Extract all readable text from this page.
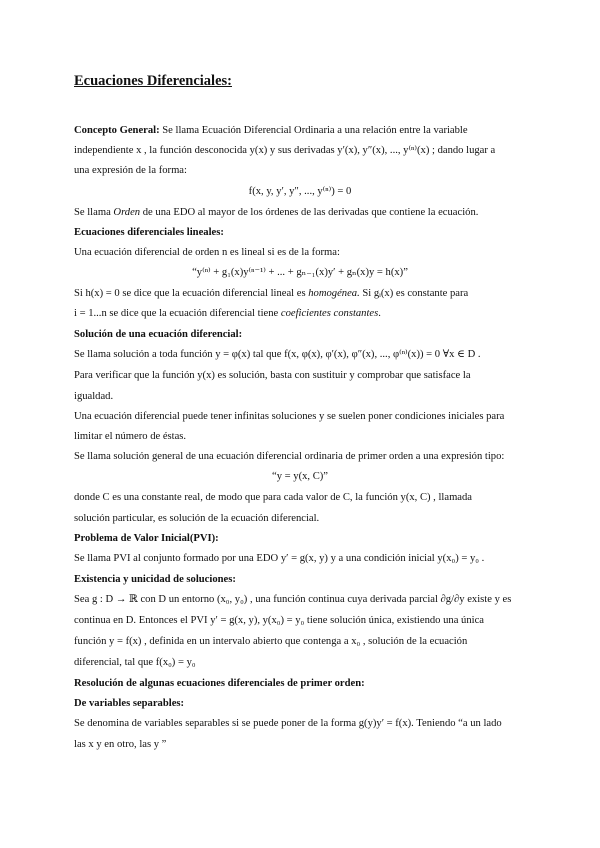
Ecuaciones Diferenciales:
Concepto General: Se llama Ecuación Diferencial Ordinaria a una relación entre la variable
independiente x , la función desconocida y(x) y sus derivadas y′(x), y″(x), ..., y⁽ⁿ⁾(x) ; dando lugar a
una expresión de la forma:
f(x, y, y′, y″, ..., y⁽ⁿ⁾) = 0
Se llama Orden de una EDO al mayor de los órdenes de las derivadas que contiene la ecuación.
Ecuaciones diferenciales lineales:
Una ecuación diferencial de orden n es lineal si es de la forma:
“y⁽ⁿ⁾ + g₁(x)y⁽ⁿ⁻¹⁾ + ... + gₙ₋₁(x)y′ + gₙ(x)y = h(x)”
Si h(x) = 0 se dice que la ecuación diferencial lineal es homogénea. Si gᵢ(x) es constante para
i = 1...n se dice que la ecuación diferencial tiene coeficientes constantes.
Solución de una ecuación diferencial:
Se llama solución a toda función y = φ(x) tal que f(x, φ(x), φ′(x), φ″(x), ..., φ⁽ⁿ⁾(x)) = 0 ∀x ∈ D .
Para verificar que la función y(x) es solución, basta con sustituir y comprobar que satisface la
igualdad.
Una ecuación diferencial puede tener infinitas soluciones y se suelen poner condiciones iniciales para
limitar el número de éstas.
Se llama solución general de una ecuación diferencial ordinaria de primer orden a una expresión tipo:
“y = y(x, C)”
donde C es una constante real, de modo que para cada valor de C, la función y(x, C) , llamada
solución particular, es solución de la ecuación diferencial.
Problema de Valor Inicial(PVI):
Se llama PVI al conjunto formado por una EDO y′ = g(x, y) y a una condición inicial y(x₀) = y₀ .
Existencia y unicidad de soluciones:
Sea g : D → ℝ con D un entorno (x₀, y₀) , una función continua cuya derivada parcial ∂g/∂y existe y es
continua en D. Entonces el PVI y′ = g(x, y), y(x₀) = y₀ tiene solución única, existiendo una única
función y = f(x) , definida en un intervalo abierto que contenga a x₀ , solución de la ecuación
diferencial, tal que f(x₀) = y₀
Resolución de algunas ecuaciones diferenciales de primer orden:
De variables separables:
Se denomina de variables separables si se puede poner de la forma g(y)y′ = f(x). Teniendo “a un lado
las x y en otro, las y ”
